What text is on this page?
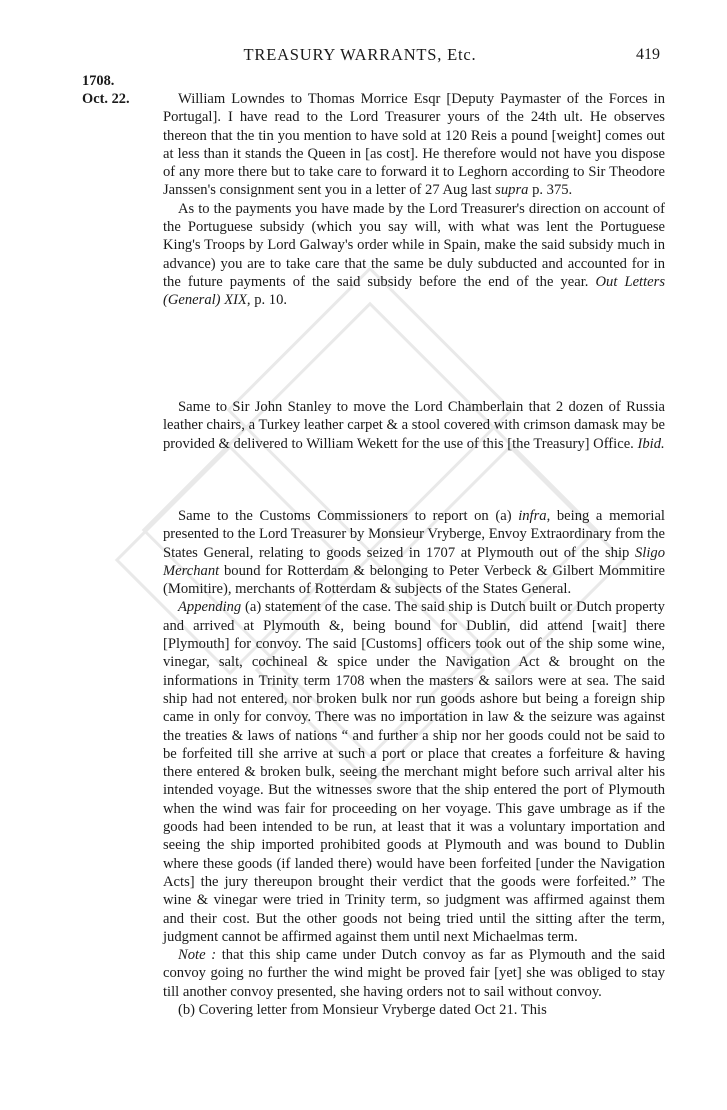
TREASURY WARRANTS, Etc.	419
1708.
Oct. 22.	William Lowndes to Thomas Morrice Esqr [Deputy Paymaster of the Forces in Portugal]. I have read to the Lord Treasurer yours of the 24th ult. He observes thereon that the tin you mention to have sold at 120 Reis a pound [weight] comes out at less than it stands the Queen in [as cost]. He therefore would not have you dispose of any more there but to take care to forward it to Leghorn according to Sir Theodore Janssen's consignment sent you in a letter of 27 Aug last supra p. 375.

As to the payments you have made by the Lord Treasurer's direction on account of the Portuguese subsidy (which you say will, with what was lent the Portuguese King's Troops by Lord Galway's order while in Spain, make the said subsidy much in advance) you are to take care that the same be duly subducted and accounted for in the future payments of the said subsidy before the end of the year. Out Letters (General) XIX, p. 10.

Same to Sir John Stanley to move the Lord Chamberlain that 2 dozen of Russia leather chairs, a Turkey leather carpet & a stool covered with crimson damask may be provided & delivered to William Wekett for the use of this [the Treasury] Office. Ibid.

Same to the Customs Commissioners to report on (a) infra, being a memorial presented to the Lord Treasurer by Monsieur Vryberge, Envoy Extraordinary from the States General, relating to goods seized in 1707 at Plymouth out of the ship Sligo Merchant bound for Rotterdam & belonging to Peter Verbeck & Gilbert Mommitire (Momitire), merchants of Rotterdam & subjects of the States General.

Appending (a) statement of the case. The said ship is Dutch built or Dutch property and arrived at Plymouth &, being bound for Dublin, did attend [wait] there [Plymouth] for convoy. The said [Customs] officers took out of the ship some wine, vinegar, salt, cochineal & spice under the Navigation Act & brought on the informations in Trinity term 1708 when the masters & sailors were at sea. The said ship had not entered, nor broken bulk nor run goods ashore but being a foreign ship came in only for convoy. There was no importation in law & the seizure was against the treaties & laws of nations “ and further a ship nor her goods could not be said to be forfeited till she arrive at such a port or place that creates a forfeiture & having there entered & broken bulk, seeing the merchant might before such arrival alter his intended voyage. But the witnesses swore that the ship entered the port of Plymouth when the wind was fair for proceeding on her voyage. This gave umbrage as if the goods had been intended to be run, at least that it was a voluntary importation and seeing the ship imported prohibited goods at Plymouth and was bound to Dublin where these goods (if landed there) would have been forfeited [under the Navigation Acts] the jury thereupon brought their verdict that the goods were forfeited.” The wine & vinegar were tried in Trinity term, so judgment was affirmed against them and their cost. But the other goods not being tried until the sitting after the term, judgment cannot be affirmed against them until next Michaelmas term.

Note : that this ship came under Dutch convoy as far as Plymouth and the said convoy going no further the wind might be proved fair [yet] she was obliged to stay till another convoy presented, she having orders not to sail without convoy.

(b) Covering letter from Monsieur Vryberge dated Oct 21. This
